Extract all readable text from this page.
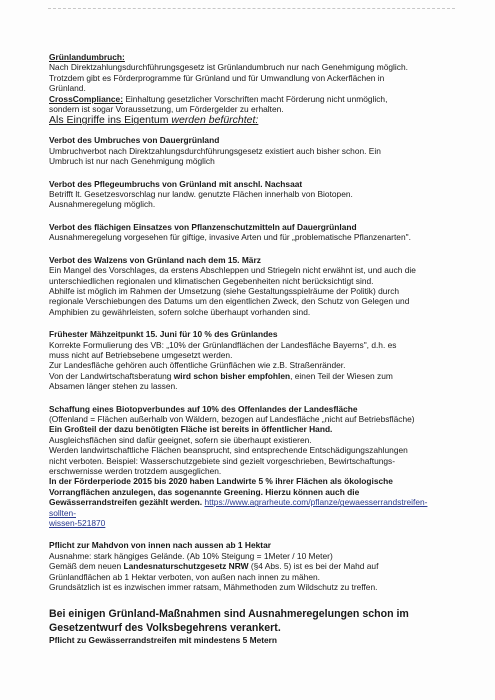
Grünlandumbruch:

Nach Direktzahlungsdurchführungsgesetz ist Grünlandumbruch nur nach Genehmigung möglich.

Trotzdem gibt es Förderprogramme für Grünland und für Umwandlung von Ackerflächen in

Grünland.

CrossCompliance: Einhaltung gesetzlicher Vorschriften macht Förderung nicht unmöglich,

sondern ist sogar Voraussetzung, um Fördergelder zu erhalten.

Als Eingriffe ins Eigentum werden befürchtet:

Verbot des Umbruches von Dauergrünland

Umbruchverbot nach Direktzahlungsdurchführungsgesetz existiert auch bisher schon. Ein

Umbruch ist nur nach Genehmigung möglich

Verbot des Pflegeumbruchs von Grünland mit anschl. Nachsaat

Betrifft lt. Gesetzesvorschlag nur landw. genutzte Flächen innerhalb von Biotopen.

Ausnahmeregelung möglich.

Verbot des flächigen Einsatzes von Pflanzenschutzmitteln auf Dauergrünland

Ausnahmeregelung vorgesehen für giftige, invasive Arten und für „problematische Pflanzenarten".

Verbot des Walzens von Grünland nach dem 15. März

Ein Mangel des Vorschlages, da erstens Abschleppen und Striegeln nicht erwähnt ist, und auch die

unterschiedlichen regionalen und klimatischen Gegebenheiten nicht berücksichtigt sind.

Abhilfe ist möglich im Rahmen der Umsetzung (siehe Gestaltungsspielräume der Politik) durch

regionale Verschiebungen des Datums um den eigentlichen Zweck, den Schutz von Gelegen und

Amphibien zu gewährleisten, sofern solche überhaupt vorhanden sind.

Frühester Mähzeitpunkt 15. Juni für 10 % des Grünlandes

Korrekte Formulierung des VB: „10% der Grünlandflächen der Landesfläche Bayerns", d.h. es

muss nicht auf Betriebsebene umgesetzt werden.

Zur Landesfläche gehören auch öffentliche Grünflächen wie z.B. Straßenränder.

Von der Landwirtschaftsberatung wird schon bisher empfohlen, einen Teil der Wiesen zum

Absamen länger stehen zu lassen.

Schaffung eines Biotopverbundes auf 10% des Offenlandes der Landesfläche

(Offenland = Flächen außerhalb von Wäldern, bezogen auf Landesfläche „nicht auf Betriebsfläche)

Ein Großteil der dazu benötigten Fläche ist bereits in öffentlicher Hand.

Ausgleichsflächen sind dafür geeignet, sofern sie überhaupt existieren.

Werden landwirtschaftliche Flächen beansprucht, sind entsprechende Entschädigungszahlungen

nicht verboten. Beispiel: Wasserschutzgebiete sind gezielt vorgeschrieben, Bewirtschaftungs-

erschwernisse werden trotzdem ausgeglichen.

In der Förderperiode 2015 bis 2020 haben Landwirte 5 % ihrer Flächen als ökologische

Vorrangflächen anzulegen, das sogenannte Greening. Hierzu können auch die

Gewässerrandstreifen gezählt werden. https://www.agrarheute.com/pflanze/gewaesserrandstreifen-sollten-

wissen-521870

Pflicht zur Mahdvon von innen nach aussen ab 1 Hektar

Ausnahme: stark hängiges Gelände. (Ab 10% Steigung = 1Meter / 10 Meter)

Gemäß dem neuen Landesnaturschutzgesetz NRW (§4 Abs. 5) ist es bei der Mahd auf

Grünlandflächen ab 1 Hektar verboten, von außen nach innen zu mähen.

Grundsätzlich ist es inzwischen immer ratsam, Mähmethoden zum Wildschutz zu treffen.

Bei einigen Grünland-Maßnahmen sind Ausnahmeregelungen schon im

Gesetzentwurf des Volksbegehrens verankert.

Pflicht zu Gewässerrandstreifen mit mindestens 5 Metern
